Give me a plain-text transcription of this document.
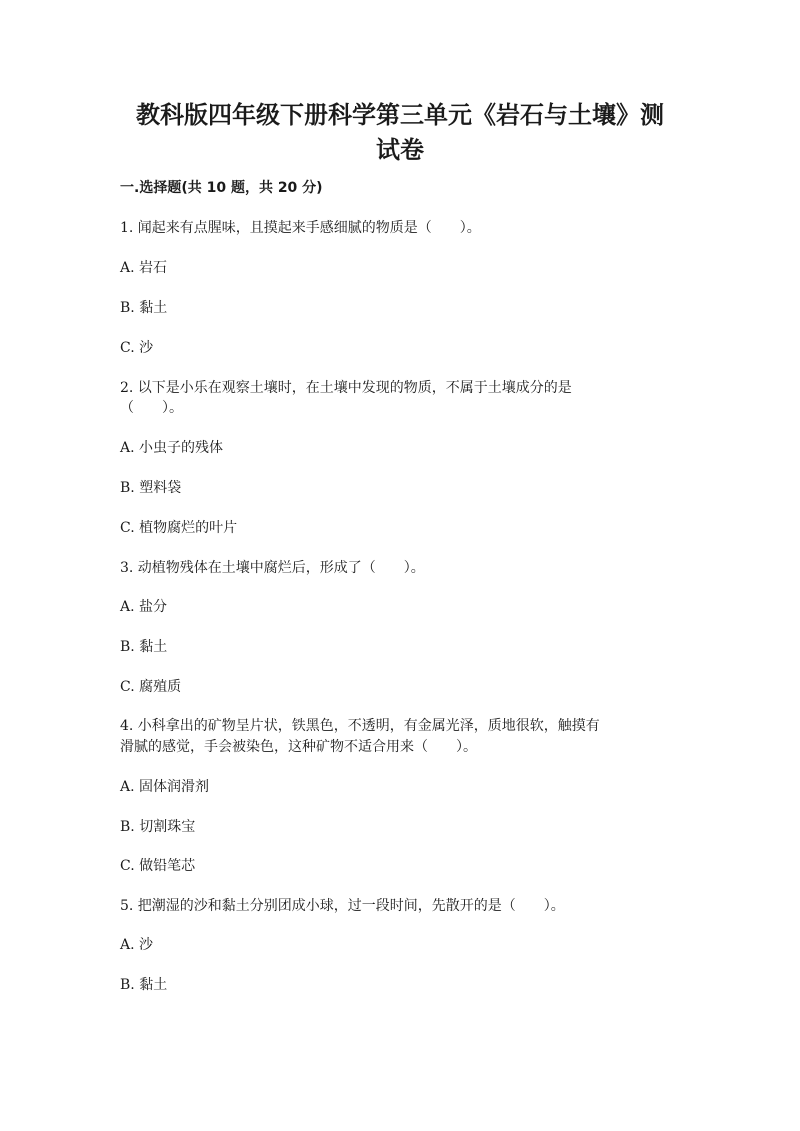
教科版四年级下册科学第三单元《岩石与土壤》测
试卷
一.选择题(共 10 题，共 20 分)

1. 闻起来有点腥味，且摸起来手感细腻的物质是（　　）。

A. 岩石

B. 黏土

C. 沙

2. 以下是小乐在观察土壤时，在土壤中发现的物质，不属于土壤成分的是

（　　）。

A. 小虫子的残体

B. 塑料袋

C. 植物腐烂的叶片

3. 动植物残体在土壤中腐烂后，形成了（　　）。

A. 盐分

B. 黏土

C. 腐殖质

4. 小科拿出的矿物呈片状，铁黑色，不透明，有金属光泽，质地很软，触摸有

滑腻的感觉，手会被染色，这种矿物不适合用来（　　）。

A. 固体润滑剂

B. 切割珠宝

C. 做铅笔芯

5. 把潮湿的沙和黏土分别团成小球，过一段时间，先散开的是（　　）。

A. 沙

B. 黏土
